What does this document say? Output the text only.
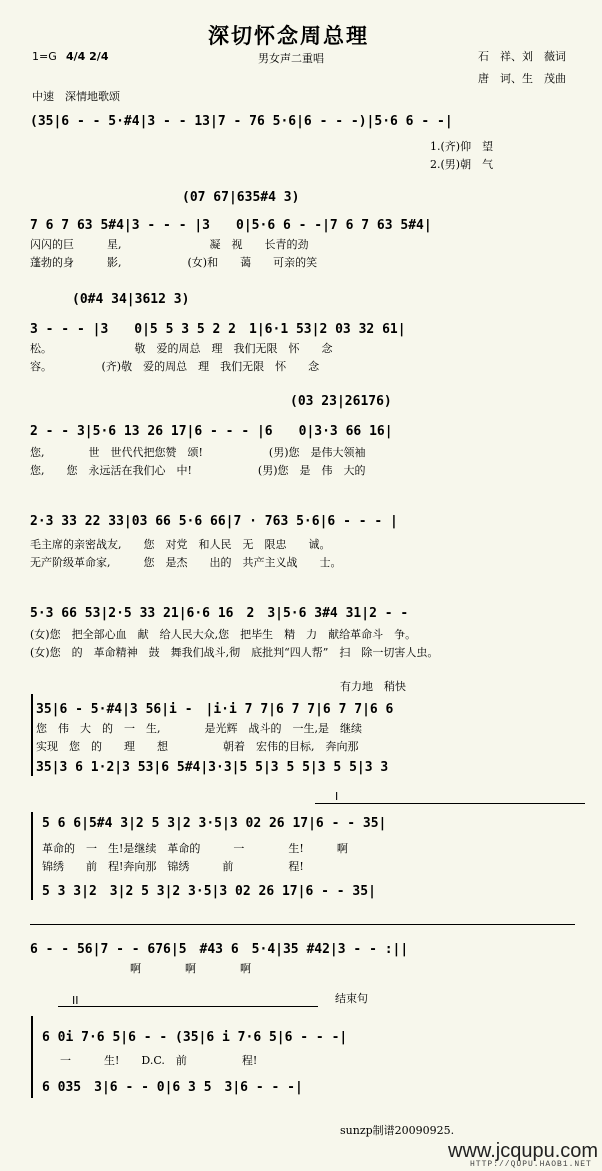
深切怀念周总理
1=G 4/4 2/4	男女声二重唱	石　祥、刘　薇词
唐　诃、生　茂曲
中速　深情地歌颂
(35|6 - - 5·#4|3 - - 13|7 - 76 5·6|6 - - -)|5·6 6 - -|
1.(齐)仰　望
2.(男)朝　气
(07 67|635#4 3)
7 6 7 63 5#4|3 - - - |3　　0|5·6 6 - -|7 6 7 63 5#4|
闪闪的巨　　　星,　　　　　　　　凝　视　　长青的劲
蓬勃的身　　　影,　　　　　　(女)和　　蔼　　可亲的笑
(0#4 34|3612 3)
3 - - - |3　　0|5 5 3 5 2 2　1|6·1 53|2 03 32 61|
松。　　　　　　　　敬　爱的周总　理　我们无限　怀　　念
容。　　　　　(齐)敬　爱的周总　理　我们无限　怀　　念
(03 23|26176)
2 - - 3|5·6 13 26 17|6 - - - |6　　0|3·3 66 16|
您,　　　　世　世代代把您赞　颂!　　　　　　(男)您　是伟大领袖
您,　　您　永远活在我们心　中!　　　　　　(男)您　是　伟　大的
2·3 33 22 33|03 66 5·6 66|7 · 763 5·6|6 - - - |
毛主席的亲密战友,　　您　对党　和人民　无　限忠　　诚。
无产阶级革命家,　　　您　是杰　　出的　共产主义战　　士。
5·3 66 53|2·5 33 21|6·6 16　2　3|5·6 3#4 31|2 - -
(女)您　把全部心血　献　给人民大众,您　把毕生　精　力　献给革命斗　争。
(女)您　的　革命精神　鼓　舞我们战斗,彻　底批判“四人帮”　扫　除一切害人虫。
有力地　稍快
35|6 - 5·#4|3 56|i -　|i·i 7 7|6 7 7|6 7 7|6 6
您　伟　大　的　一　生,　　　　是光辉　战斗的　一生,是　继续
实现　您　的　　理　　想　　　　　朝着　宏伟的目标,　奔向那
35|3 6 1·2|3 53|6 5#4|3·3|5 5|3 5 5|3 5 5|3 3
I
5 6 6|5#4 3|2 5 3|2 3·5|3 02 26 17|6 - - 35|
革命的　一　生!是继续　革命的　　　一　　　　生!　　　啊
锦绣　　前　程!奔向那　锦绣　　　前　　　　　程!
5 3 3|2　3|2 5 3|2 3·5|3 02 26 17|6 - - 35|
6 - - 56|7 - - 676|5　#43 6　5·4|35 #42|3 - - :||
啊　　　　啊　　　　啊
结束句
II
6 0i 7·6 5|6 - - (35|6 i 7·6 5|6 - - -|
一　　　生!　　D.C.　前　　　　　程!
6 035　3|6 - - 0|6 3 5　3|6 - - -|
sunzp制谱20090925.
www.jcqupu.com
HTTP://QUPU.HAOB1.NET
